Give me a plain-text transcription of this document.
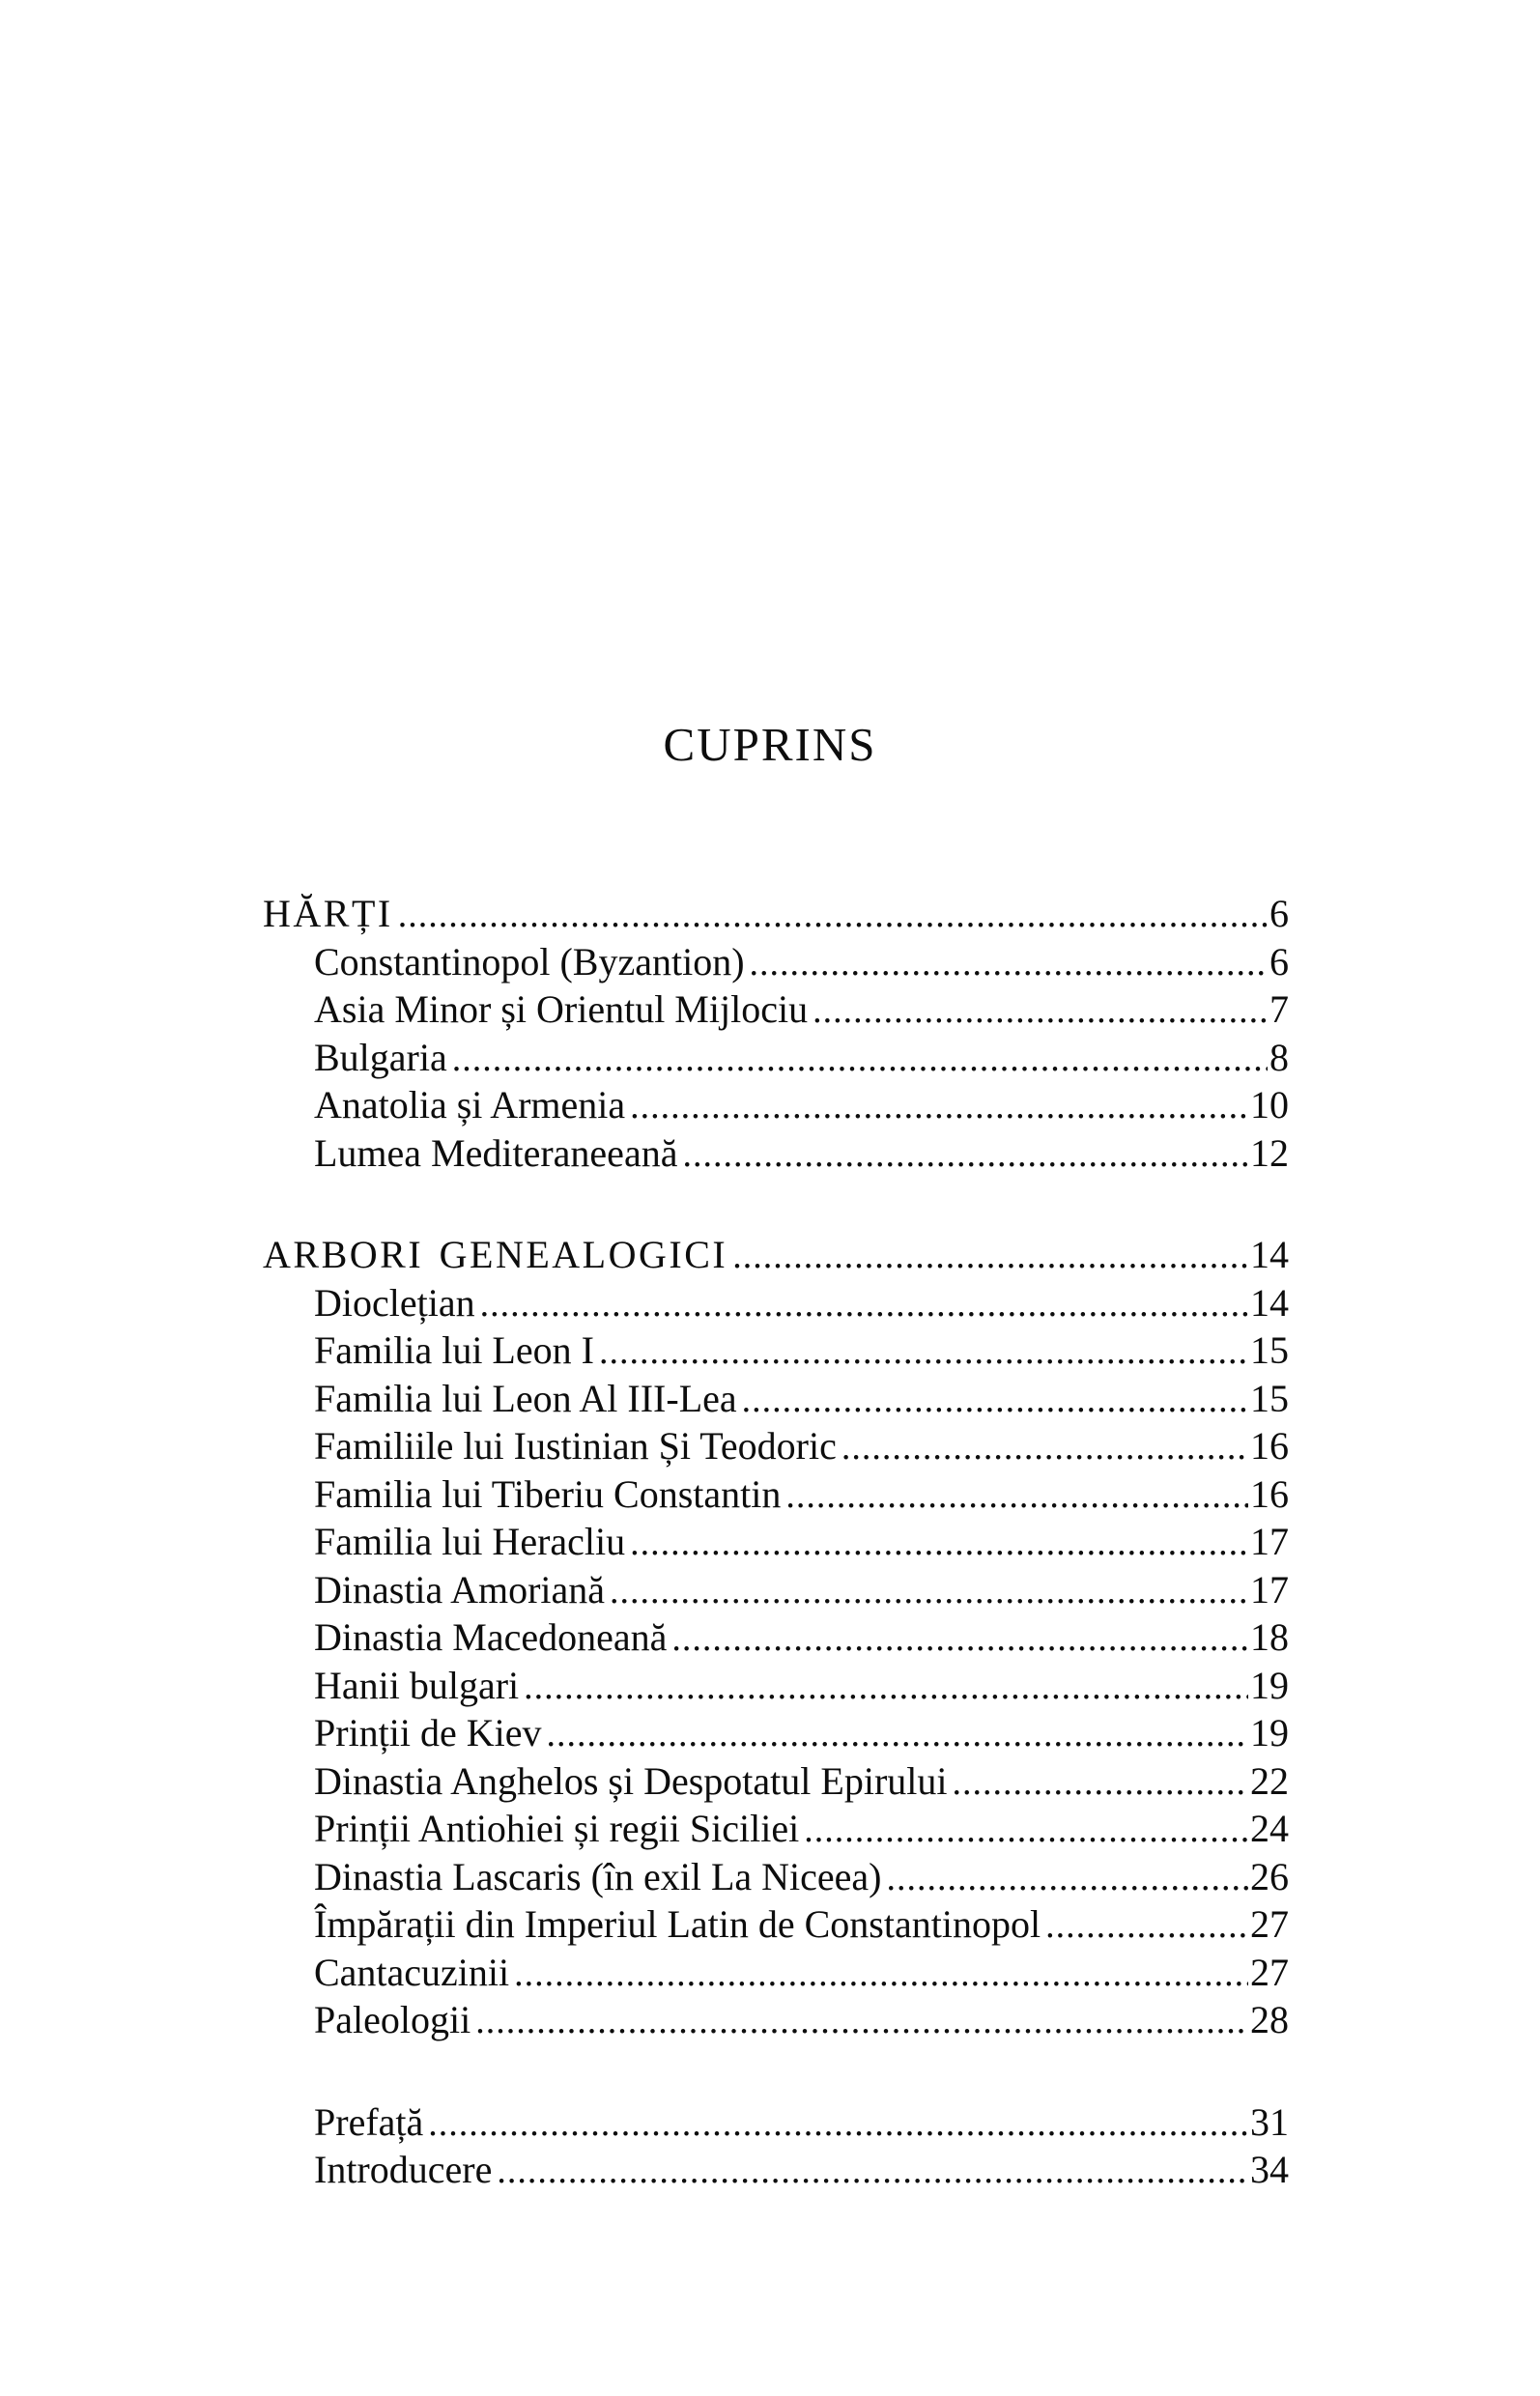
CUPRINS
HĂRȚI .....	6
Constantinopol (Byzantion) .....	6
Asia Minor și Orientul Mijlociu .....	7
Bulgaria .....	8
Anatolia și Armenia .....	10
Lumea Mediteraneeană .....	12
ARBORI GENEALOGICI .....	14
Dioclețian .....	14
Familia lui Leon I .....	15
Familia lui Leon Al III-Lea .....	15
Familiile lui Iustinian Și Teodoric .....	16
Familia lui Tiberiu Constantin .....	16
Familia lui Heracliu .....	17
Dinastia Amoriană .....	17
Dinastia Macedoneană .....	18
Hanii bulgari .....	19
Prinții de Kiev .....	19
Dinastia Anghelos și Despotatul Epirului .....	22
Prinții Antiohiei și regii Siciliei .....	24
Dinastia Lascaris (în exil La Niceea) .....	26
Împărații din Imperiul Latin de Constantinopol .....	27
Cantacuzinii .....	27
Paleologii .....	28
Prefață .....	31
Introducere .....	34
